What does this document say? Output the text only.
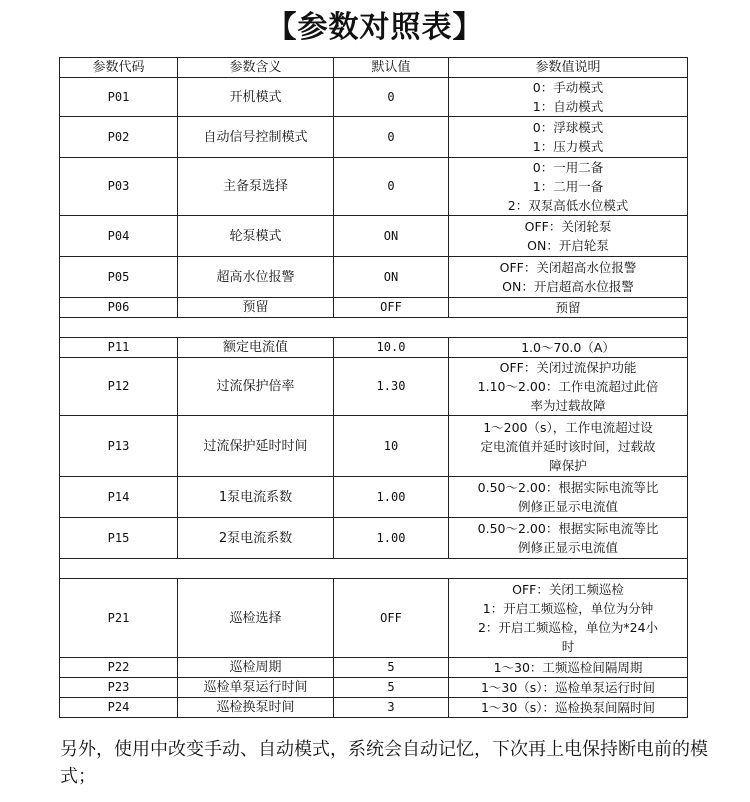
【参数对照表】
参数代码	参数含义	默认值	参数值说明
P01	开机模式	0	0：手动模式
1：自动模式

P02	自动信号控制模式	0	0：浮球模式
1：压力模式

P03	主备泵选择	0	0：一用二备
1：二用一备
2：双泵高低水位模式

P04	轮泵模式	ON	OFF：关闭轮泵
ON：开启轮泵

P05	超高水位报警	ON	OFF：关闭超高水位报警
ON：开启超高水位报警

P06	预留	OFF	预留

P11	额定电流值	10.0	1.0～70.0（A）

P12	过流保护倍率	1.30	OFF：关闭过流保护功能
1.10～2.00：工作电流超过此倍
率为过载故障

P13	过流保护延时时间	10	1～200（s），工作电流超过设
定电流值并延时该时间，过载故
障保护

P14	1泵电流系数	1.00	0.50～2.00：根据实际电流等比
例修正显示电流值

P15	2泵电流系数	1.00	0.50～2.00：根据实际电流等比
例修正显示电流值

P21	巡检选择	OFF	OFF：关闭工频巡检
1：开启工频巡检，单位为分钟
2：开启工频巡检，单位为*24小
时

P22	巡检周期	5	1～30：工频巡检间隔周期

P23	巡检单泵运行时间	5	1～30（s）：巡检单泵运行时间

P24	巡检换泵时间	3	1～30（s）：巡检换泵间隔时间
另外，使用中改变手动、自动模式，系统会自动记忆，下次再上电保持断电前的模式；
